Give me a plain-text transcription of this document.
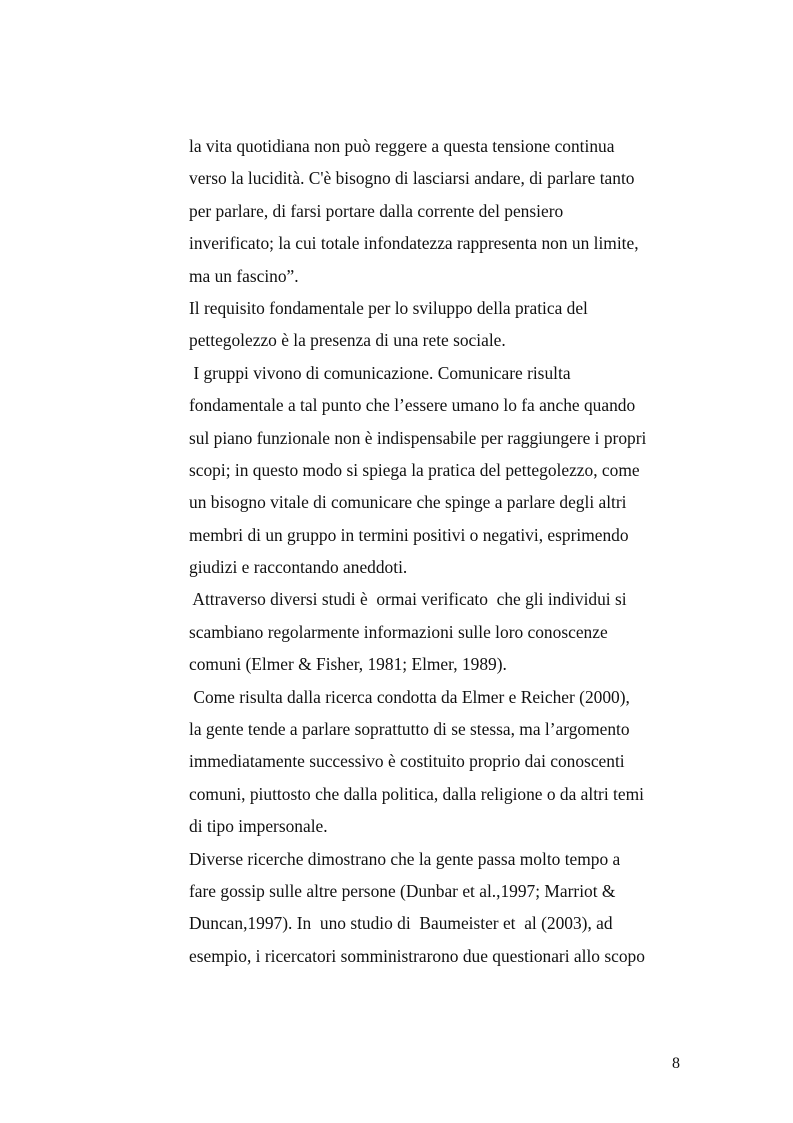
la vita quotidiana non può reggere a questa tensione continua
verso la lucidità. C'è bisogno di lasciarsi andare, di parlare tanto
per parlare, di farsi portare dalla corrente del pensiero
inverificato; la cui totale infondatezza rappresenta non un limite,
ma un fascino”.
Il requisito fondamentale per lo sviluppo della pratica del
pettegolezzo è la presenza di una rete sociale.
I gruppi vivono di comunicazione. Comunicare risulta
fondamentale a tal punto che l’essere umano lo fa anche quando
sul piano funzionale non è indispensabile per raggiungere i propri
scopi; in questo modo si spiega la pratica del pettegolezzo, come
un bisogno vitale di comunicare che spinge a parlare degli altri
membri di un gruppo in termini positivi o negativi, esprimendo
giudizi e raccontando aneddoti.
Attraverso diversi studi è  ormai verificato  che gli individui si
scambiano regolarmente informazioni sulle loro conoscenze
comuni (Elmer & Fisher, 1981; Elmer, 1989).
Come risulta dalla ricerca condotta da Elmer e Reicher (2000),
la gente tende a parlare soprattutto di se stessa, ma l’argomento
immediatamente successivo è costituito proprio dai conoscenti
comuni, piuttosto che dalla politica, dalla religione o da altri temi
di tipo impersonale.
Diverse ricerche dimostrano che la gente passa molto tempo a
fare gossip sulle altre persone (Dunbar et al.,1997; Marriot &
Duncan,1997). In  uno studio di  Baumeister et  al (2003), ad
esempio, i ricercatori somministrarono due questionari allo scopo
8
